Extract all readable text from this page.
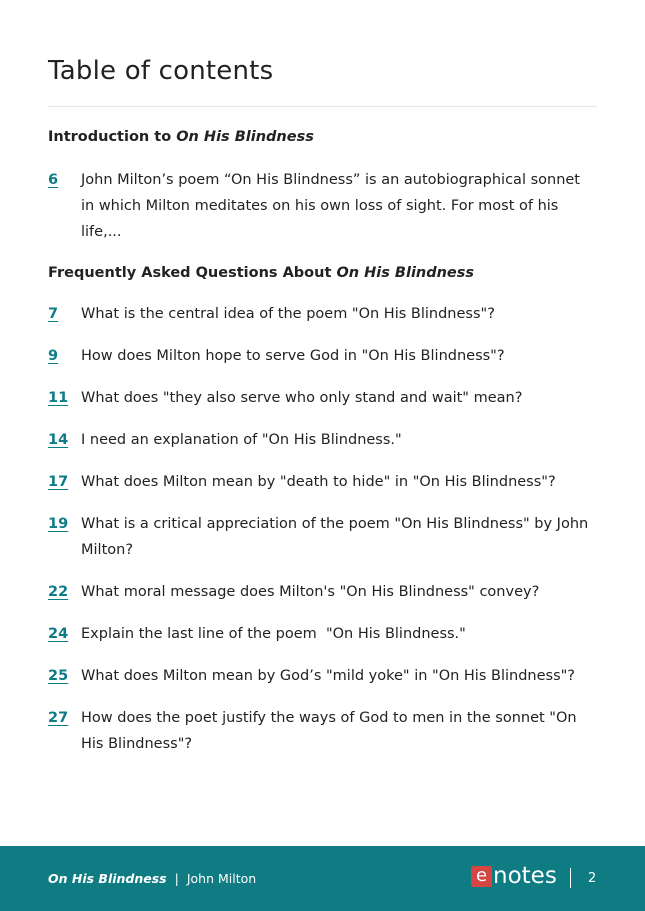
Table of contents
Introduction to On His Blindness
6	John Milton’s poem “On His Blindness” is an autobiographical sonnet in which Milton meditates on his own loss of sight. For most of his life,...
Frequently Asked Questions About On His Blindness
7	What is the central idea of the poem "On His Blindness"?
9	How does Milton hope to serve God in "On His Blindness"?
11 What does "they also serve who only stand and wait" mean?
14 I need an explanation of "On His Blindness."
17 What does Milton mean by "death to hide" in "On His Blindness"?
19 What is a critical appreciation of the poem "On His Blindness" by John Milton?
22 What moral message does Milton's "On His Blindness" convey?
24 Explain the last line of the poem  "On His Blindness."
25 What does Milton mean by God’s "mild yoke" in "On His Blindness"?
27 How does the poet justify the ways of God to men in the sonnet "On His Blindness"?
On His Blindness | John Milton	e notes 2
